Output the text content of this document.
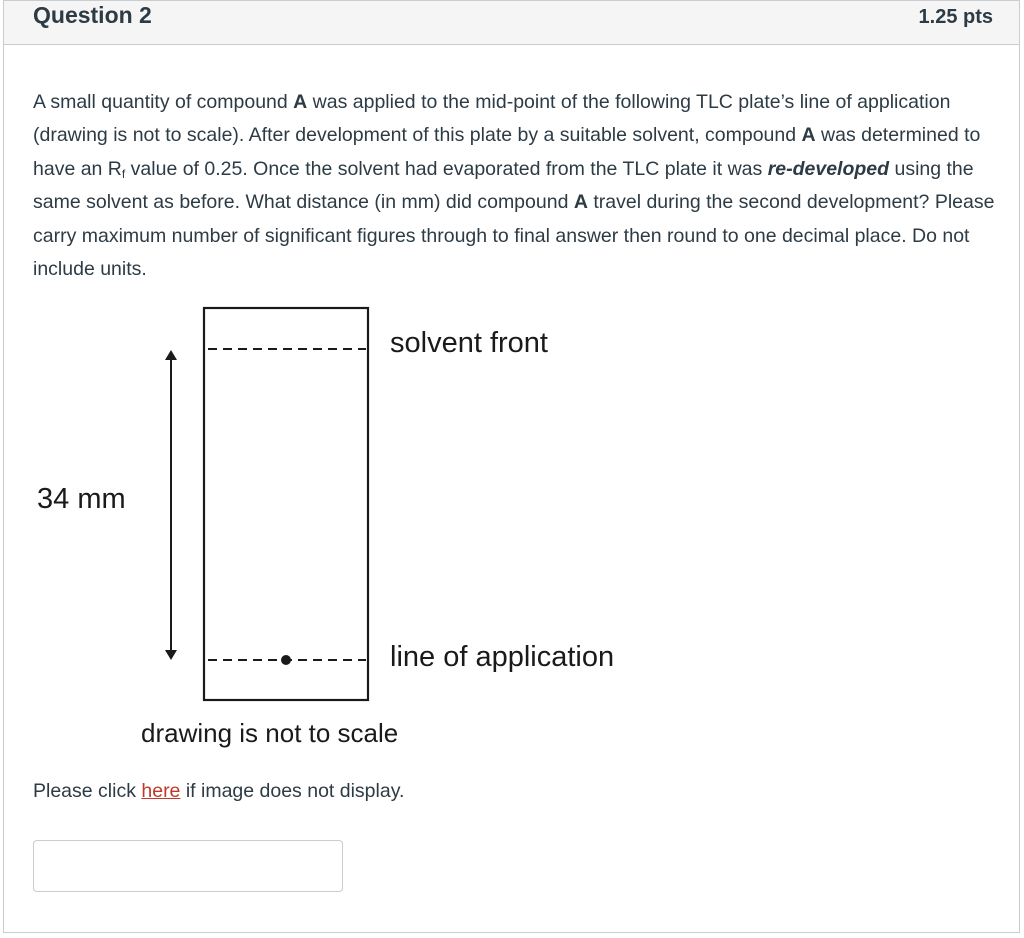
Question 2	1.25 pts

A small quantity of compound A was applied to the mid-point of the following TLC plate’s line of application (drawing is not to scale). After development of this plate by a suitable solvent, compound A was determined to have an $R_f$ value of 0.25. Once the solvent had evaporated from the TLC plate it was re-developed using the same solvent as before. What distance (in mm) did compound A travel during the second development? Please carry maximum number of significant figures through to final answer then round to one decimal place. Do not include units.

34 mm
solvent front
line of application
drawing is not to scale

Please click here if image does not display.
